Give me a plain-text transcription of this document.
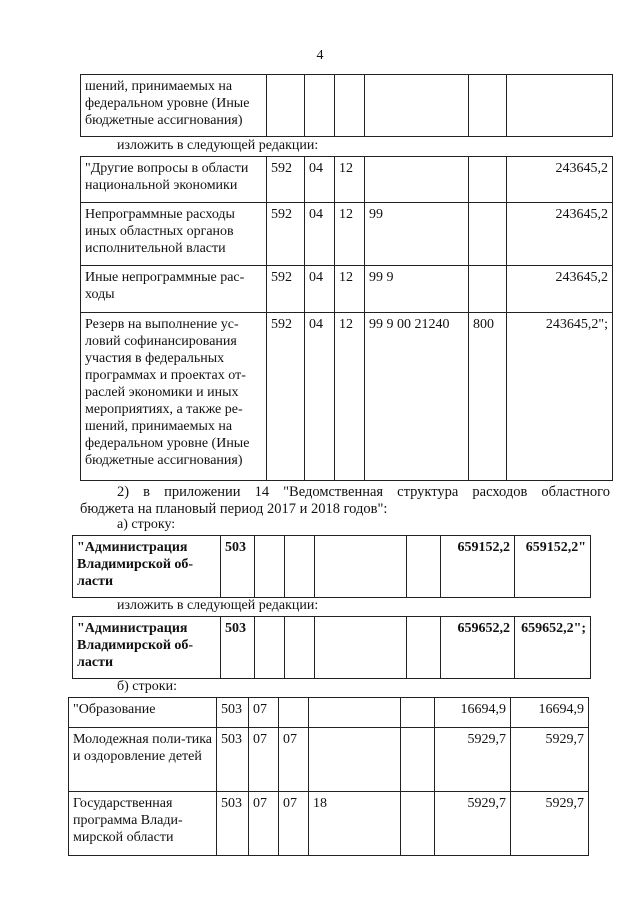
4
шений, принимаемых на федеральном уровне (Иные бюджетные ассигнования)						
изложить в следующей редакции:
"Другие вопросы в области национальной экономики	592	04	12			243645,2
Непрограммные расходы иных областных органов исполнительной власти	592	04	12	99		243645,2
Иные непрограммные рас-ходы	592	04	12	99 9		243645,2
Резерв на выполнение ус-ловий софинансирования участия в федеральных программах и проектах от-раслей экономики и иных мероприятиях, а также ре-шений, принимаемых на федеральном уровне (Иные бюджетные ассигнования)	592	04	12	99 9 00 21240	800	243645,2";
2) в приложении 14 "Ведомственная структура расходов областного
бюджета на плановый период 2017 и 2018 годов":
а) строку:
"Администрация Владимирской об-ласти	503					659152,2	659152,2"
изложить в следующей редакции:
"Администрация Владимирской об-ласти	503					659652,2	659652,2";
б) строки:
"Образование	503	07				16694,9	16694,9
Молодежная поли-тика и оздоровление детей	503	07	07			5929,7	5929,7
Государственная программа Влади-мирской области	503	07	07	18		5929,7	5929,7
